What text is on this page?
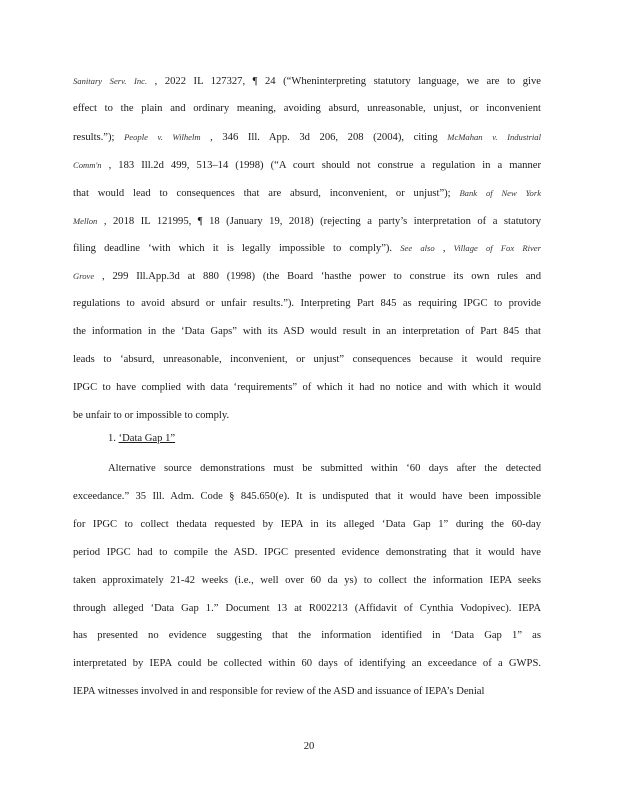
Sanitary Serv. Inc. , 2022 IL 127327, ¶ 24 (“Wheninterpreting statutory language, we are to give
effect to the plain and ordinary meaning, avoiding absurd, unreasonable, unjust, or inconvenient
results.”); People v. Wilhelm , 346 Ill. App. 3d 206, 208 (2004), citing McMahan v. Industrial
Comm'n , 183 Ill.2d 499, 513–14 (1998) (“A court should not construe a regulation in a manner
that would lead to consequences that are absurd, inconvenient, or unjust”); Bank of New York
Mellon , 2018 IL 121995, ¶ 18 (January 19, 2018) (rejecting a party’s interpretation of a statutory
filing deadline ‘with which it is legally impossible to comply”). See also , Village of Fox River
Grove , 299 Ill.App.3d at 880 (1998) (the Board ‘hasthe power to construe its own rules and
regulations to avoid absurd or unfair results.”). Interpreting Part 845 as requiring IPGC to provide
the information in the ‘Data Gaps” with its ASD would result in an interpretation of Part 845 that
leads to ‘absurd, unreasonable, inconvenient, or unjust” consequences because it would require
IPGC to have complied with data ‘requirements” of which it had no notice and with which it would
be unfair to or impossible to comply.
1. ‘Data Gap 1”
Alternative source demonstrations must be submitted within ‘60 days after the detected
exceedance.” 35 Ill. Adm. Code § 845.650(e). It is undisputed that it would have been impossible
for IPGC to collect thedata requested by IEPA in its alleged ‘Data Gap 1” during the 60-day
period IPGC had to compile the ASD. IPGC presented evidence demonstrating that it would have
taken approximately 21-42 weeks (i.e., well over 60 da ys) to collect the information IEPA seeks
through alleged ‘Data Gap 1.” Document 13 at R002213 (Affidavit of Cynthia Vodopivec). IEPA
has presented no evidence suggesting that the information identified in ‘Data Gap 1” as
interpretated by IEPA could be collected within 60 days of identifying an exceedance of a GWPS.
IEPA witnesses involved in and responsible for review of the ASD and issuance of IEPA’s Denial
20
